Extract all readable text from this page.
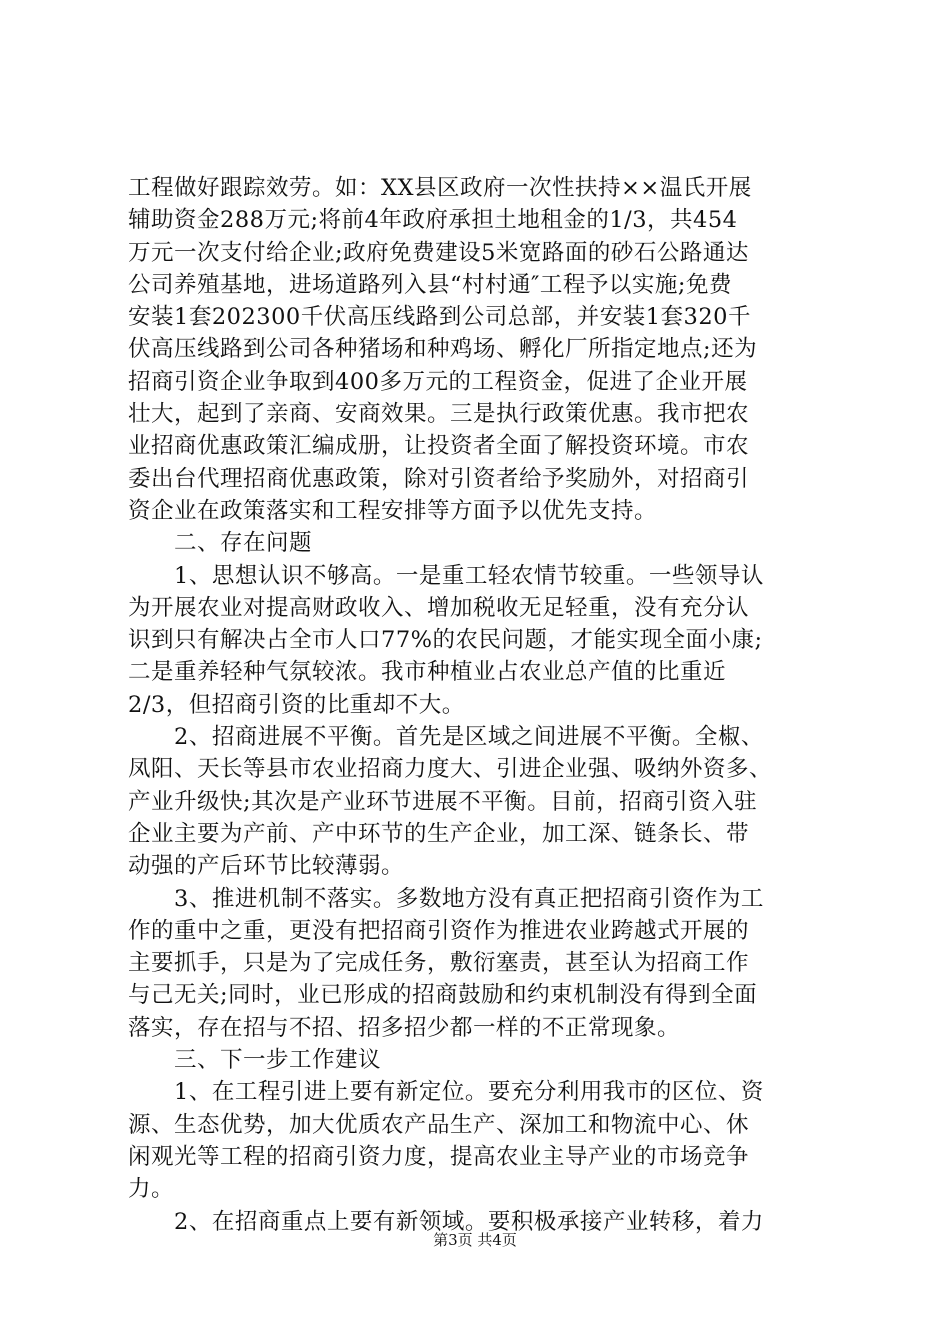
工程做好跟踪效劳。如：XX县区政府一次性扶持××温氏开展
辅助资金288万元;将前4年政府承担土地租金的1/3，共454
万元一次支付给企业;政府免费建设5米宽路面的砂石公路通达
公司养殖基地，进场道路列入县“村村通″工程予以实施;免费
安装1套202300千伏高压线路到公司总部，并安装1套320千
伏高压线路到公司各种猪场和种鸡场、孵化厂所指定地点;还为
招商引资企业争取到400多万元的工程资金，促进了企业开展
壮大，起到了亲商、安商效果。三是执行政策优惠。我市把农
业招商优惠政策汇编成册，让投资者全面了解投资环境。市农
委出台代理招商优惠政策，除对引资者给予奖励外，对招商引
资企业在政策落实和工程安排等方面予以优先支持。
　　二、存在问题
　　1、思想认识不够高。一是重工轻农情节较重。一些领导认
为开展农业对提高财政收入、增加税收无足轻重，没有充分认
识到只有解决占全市人口77%的农民问题，才能实现全面小康;
二是重养轻种气氛较浓。我市种植业占农业总产值的比重近
2/3，但招商引资的比重却不大。
　　2、招商进展不平衡。首先是区域之间进展不平衡。全椒、
凤阳、天长等县市农业招商力度大、引进企业强、吸纳外资多、
产业升级快;其次是产业环节进展不平衡。目前，招商引资入驻
企业主要为产前、产中环节的生产企业，加工深、链条长、带
动强的产后环节比较薄弱。
　　3、推进机制不落实。多数地方没有真正把招商引资作为工
作的重中之重，更没有把招商引资作为推进农业跨越式开展的
主要抓手，只是为了完成任务，敷衍塞责，甚至认为招商工作
与己无关;同时，业已形成的招商鼓励和约束机制没有得到全面
落实，存在招与不招、招多招少都一样的不正常现象。
　　三、下一步工作建议
　　1、在工程引进上要有新定位。要充分利用我市的区位、资
源、生态优势，加大优质农产品生产、深加工和物流中心、休
闲观光等工程的招商引资力度，提高农业主导产业的市场竞争
力。
　　2、在招商重点上要有新领域。要积极承接产业转移，着力
第3页 共4页
